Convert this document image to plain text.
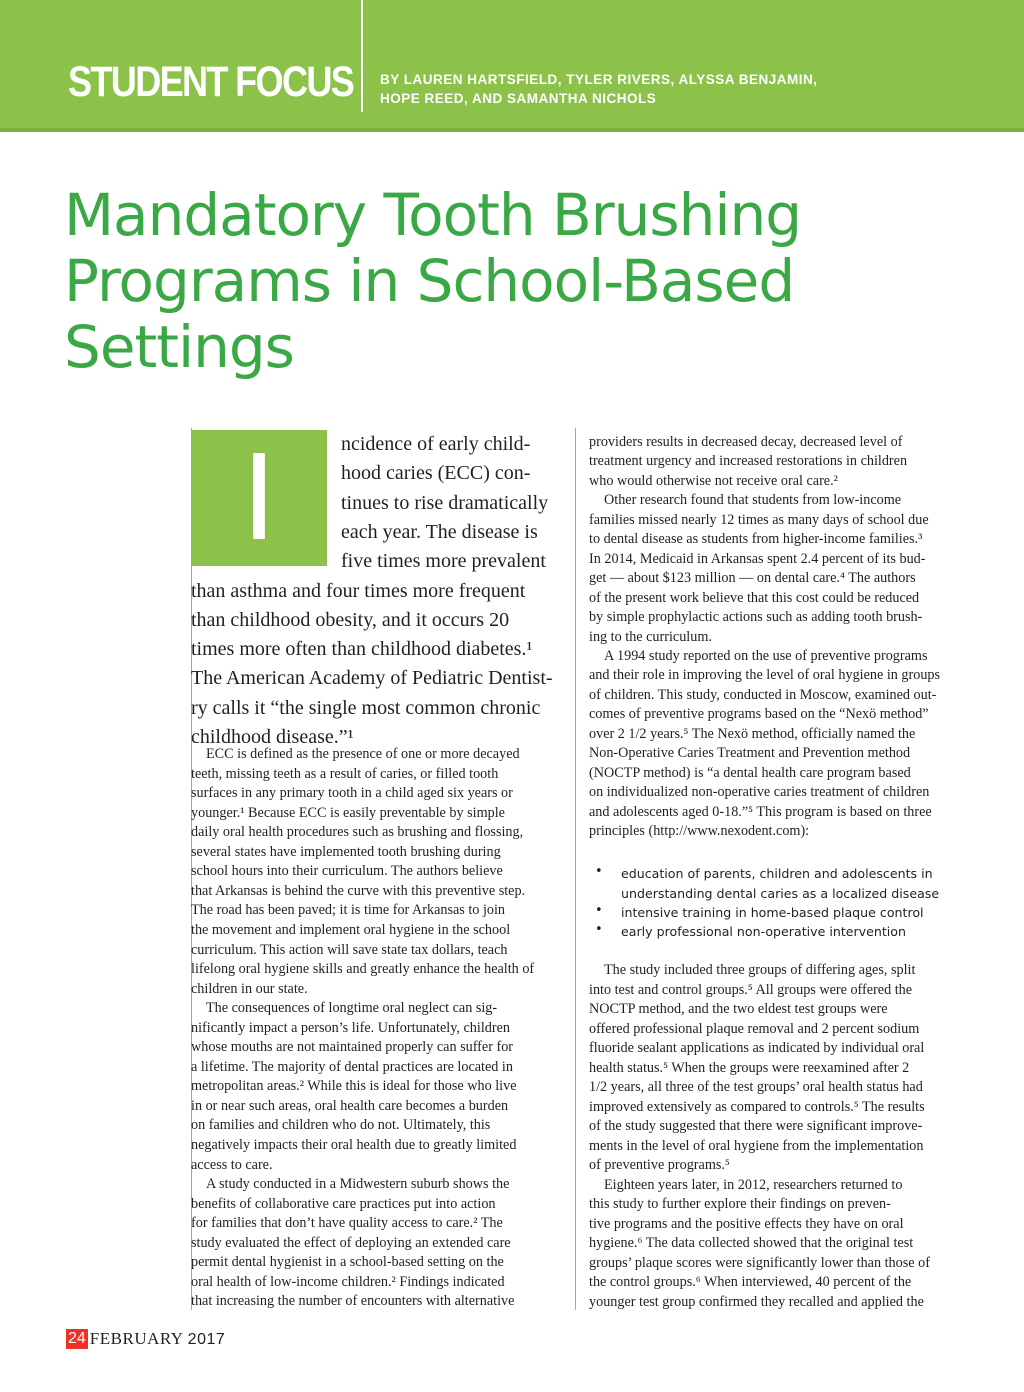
STUDENT FOCUS BY LAUREN HARTSFIELD, TYLER RIVERS, ALYSSA BENJAMIN,
HOPE REED, AND SAMANTHA NICHOLS
Mandatory Tooth Brushing
Programs in School-Based
Settings
I	ncidence of early child-
hood caries (ECC) con-
tinues to rise dramatically
each year. The disease is
five times more prevalent
than asthma and four times more frequent
than childhood obesity, and it occurs 20
times more often than childhood diabetes.¹
The American Academy of Pediatric Dentist-
ry calls it “the single most common chronic
childhood disease.”¹
ECC is defined as the presence of one or more decayed
teeth, missing teeth as a result of caries, or filled tooth
surfaces in any primary tooth in a child aged six years or
younger.¹ Because ECC is easily preventable by simple
daily oral health procedures such as brushing and flossing,
several states have implemented tooth brushing during
school hours into their curriculum. The authors believe
that Arkansas is behind the curve with this preventive step.
The road has been paved; it is time for Arkansas to join
the movement and implement oral hygiene in the school
curriculum. This action will save state tax dollars, teach
lifelong oral hygiene skills and greatly enhance the health of
children in our state.
The consequences of longtime oral neglect can sig-
nificantly impact a person’s life. Unfortunately, children
whose mouths are not maintained properly can suffer for
a lifetime. The majority of dental practices are located in
metropolitan areas.² While this is ideal for those who live
in or near such areas, oral health care becomes a burden
on families and children who do not. Ultimately, this
negatively impacts their oral health due to greatly limited
access to care.
A study conducted in a Midwestern suburb shows the
benefits of collaborative care practices put into action
for families that don’t have quality access to care.² The
study evaluated the effect of deploying an extended care
permit dental hygienist in a school-based setting on the
oral health of low-income children.² Findings indicated
that increasing the number of encounters with alternative
providers results in decreased decay, decreased level of
treatment urgency and increased restorations in children
who would otherwise not receive oral care.²
Other research found that students from low-income
families missed nearly 12 times as many days of school due
to dental disease as students from higher-income families.³
In 2014, Medicaid in Arkansas spent 2.4 percent of its bud-
get — about $123 million — on dental care.⁴ The authors
of the present work believe that this cost could be reduced
by simple prophylactic actions such as adding tooth brush-
ing to the curriculum.
A 1994 study reported on the use of preventive programs
and their role in improving the level of oral hygiene in groups
of children. This study, conducted in Moscow, examined out-
comes of preventive programs based on the “Nexö method”
over 2 1/2 years.⁵ The Nexö method, officially named the
Non-Operative Caries Treatment and Prevention method
(NOCTP method) is “a dental health care program based
on individualized non-operative caries treatment of children
and adolescents aged 0-18.”⁵ This program is based on three
principles (http://www.nexodent.com):
• education of parents, children and adolescents in
understanding dental caries as a localized disease
• intensive training in home-based plaque control
• early professional non-operative intervention
The study included three groups of differing ages, split
into test and control groups.⁵ All groups were offered the
NOCTP method, and the two eldest test groups were
offered professional plaque removal and 2 percent sodium
fluoride sealant applications as indicated by individual oral
health status.⁵ When the groups were reexamined after 2
1/2 years, all three of the test groups’ oral health status had
improved extensively as compared to controls.⁵ The results
of the study suggested that there were significant improve-
ments in the level of oral hygiene from the implementation
of preventive programs.⁵
Eighteen years later, in 2012, researchers returned to
this study to further explore their findings on preven-
tive programs and the positive effects they have on oral
hygiene.⁶ The data collected showed that the original test
groups’ plaque scores were significantly lower than those of
the control groups.⁶ When interviewed, 40 percent of the
younger test group confirmed they recalled and applied the
24 FEBRUARY 2017
